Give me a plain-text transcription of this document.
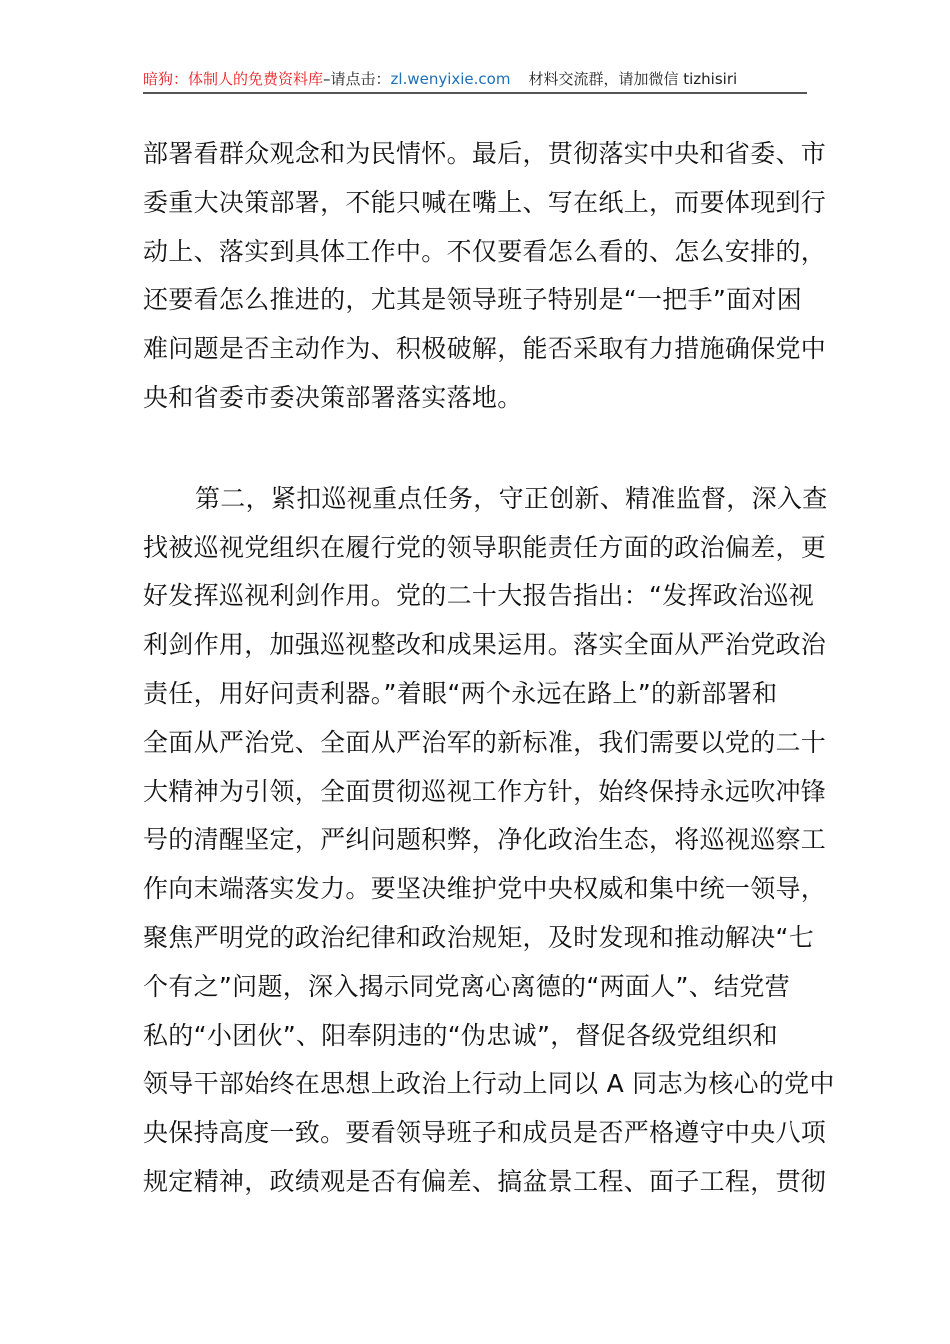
暗狗：体制人的免费资料库–请点击：zl.wenyixie.com 材料交流群，请加微信 tizhisiri
部署看群众观念和为民情怀。最后，贯彻落实中央和省委、市
委重大决策部署，不能只喊在嘴上、写在纸上，而要体现到行
动上、落实到具体工作中。不仅要看怎么看的、怎么安排的，
还要看怎么推进的，尤其是领导班子特别是“一把手”面对困
难问题是否主动作为、积极破解，能否采取有力措施确保党中
央和省委市委决策部署落实落地。
第二，紧扣巡视重点任务，守正创新、精准监督，深入查
找被巡视党组织在履行党的领导职能责任方面的政治偏差，更
好发挥巡视利剑作用。党的二十大报告指出：“发挥政治巡视
利剑作用，加强巡视整改和成果运用。落实全面从严治党政治
责任，用好问责利器。”着眼“两个永远在路上”的新部署和
全面从严治党、全面从严治军的新标准，我们需要以党的二十
大精神为引领，全面贯彻巡视工作方针，始终保持永远吹冲锋
号的清醒坚定，严纠问题积弊，净化政治生态，将巡视巡察工
作向末端落实发力。要坚决维护党中央权威和集中统一领导，
聚焦严明党的政治纪律和政治规矩，及时发现和推动解决“七
个有之”问题，深入揭示同党离心离德的“两面人”、结党营
私的“小团伙”、阳奉阴违的“伪忠诚”，督促各级党组织和
领导干部始终在思想上政治上行动上同以 A 同志为核心的党中
央保持高度一致。要看领导班子和成员是否严格遵守中央八项
规定精神，政绩观是否有偏差、搞盆景工程、面子工程，贯彻
